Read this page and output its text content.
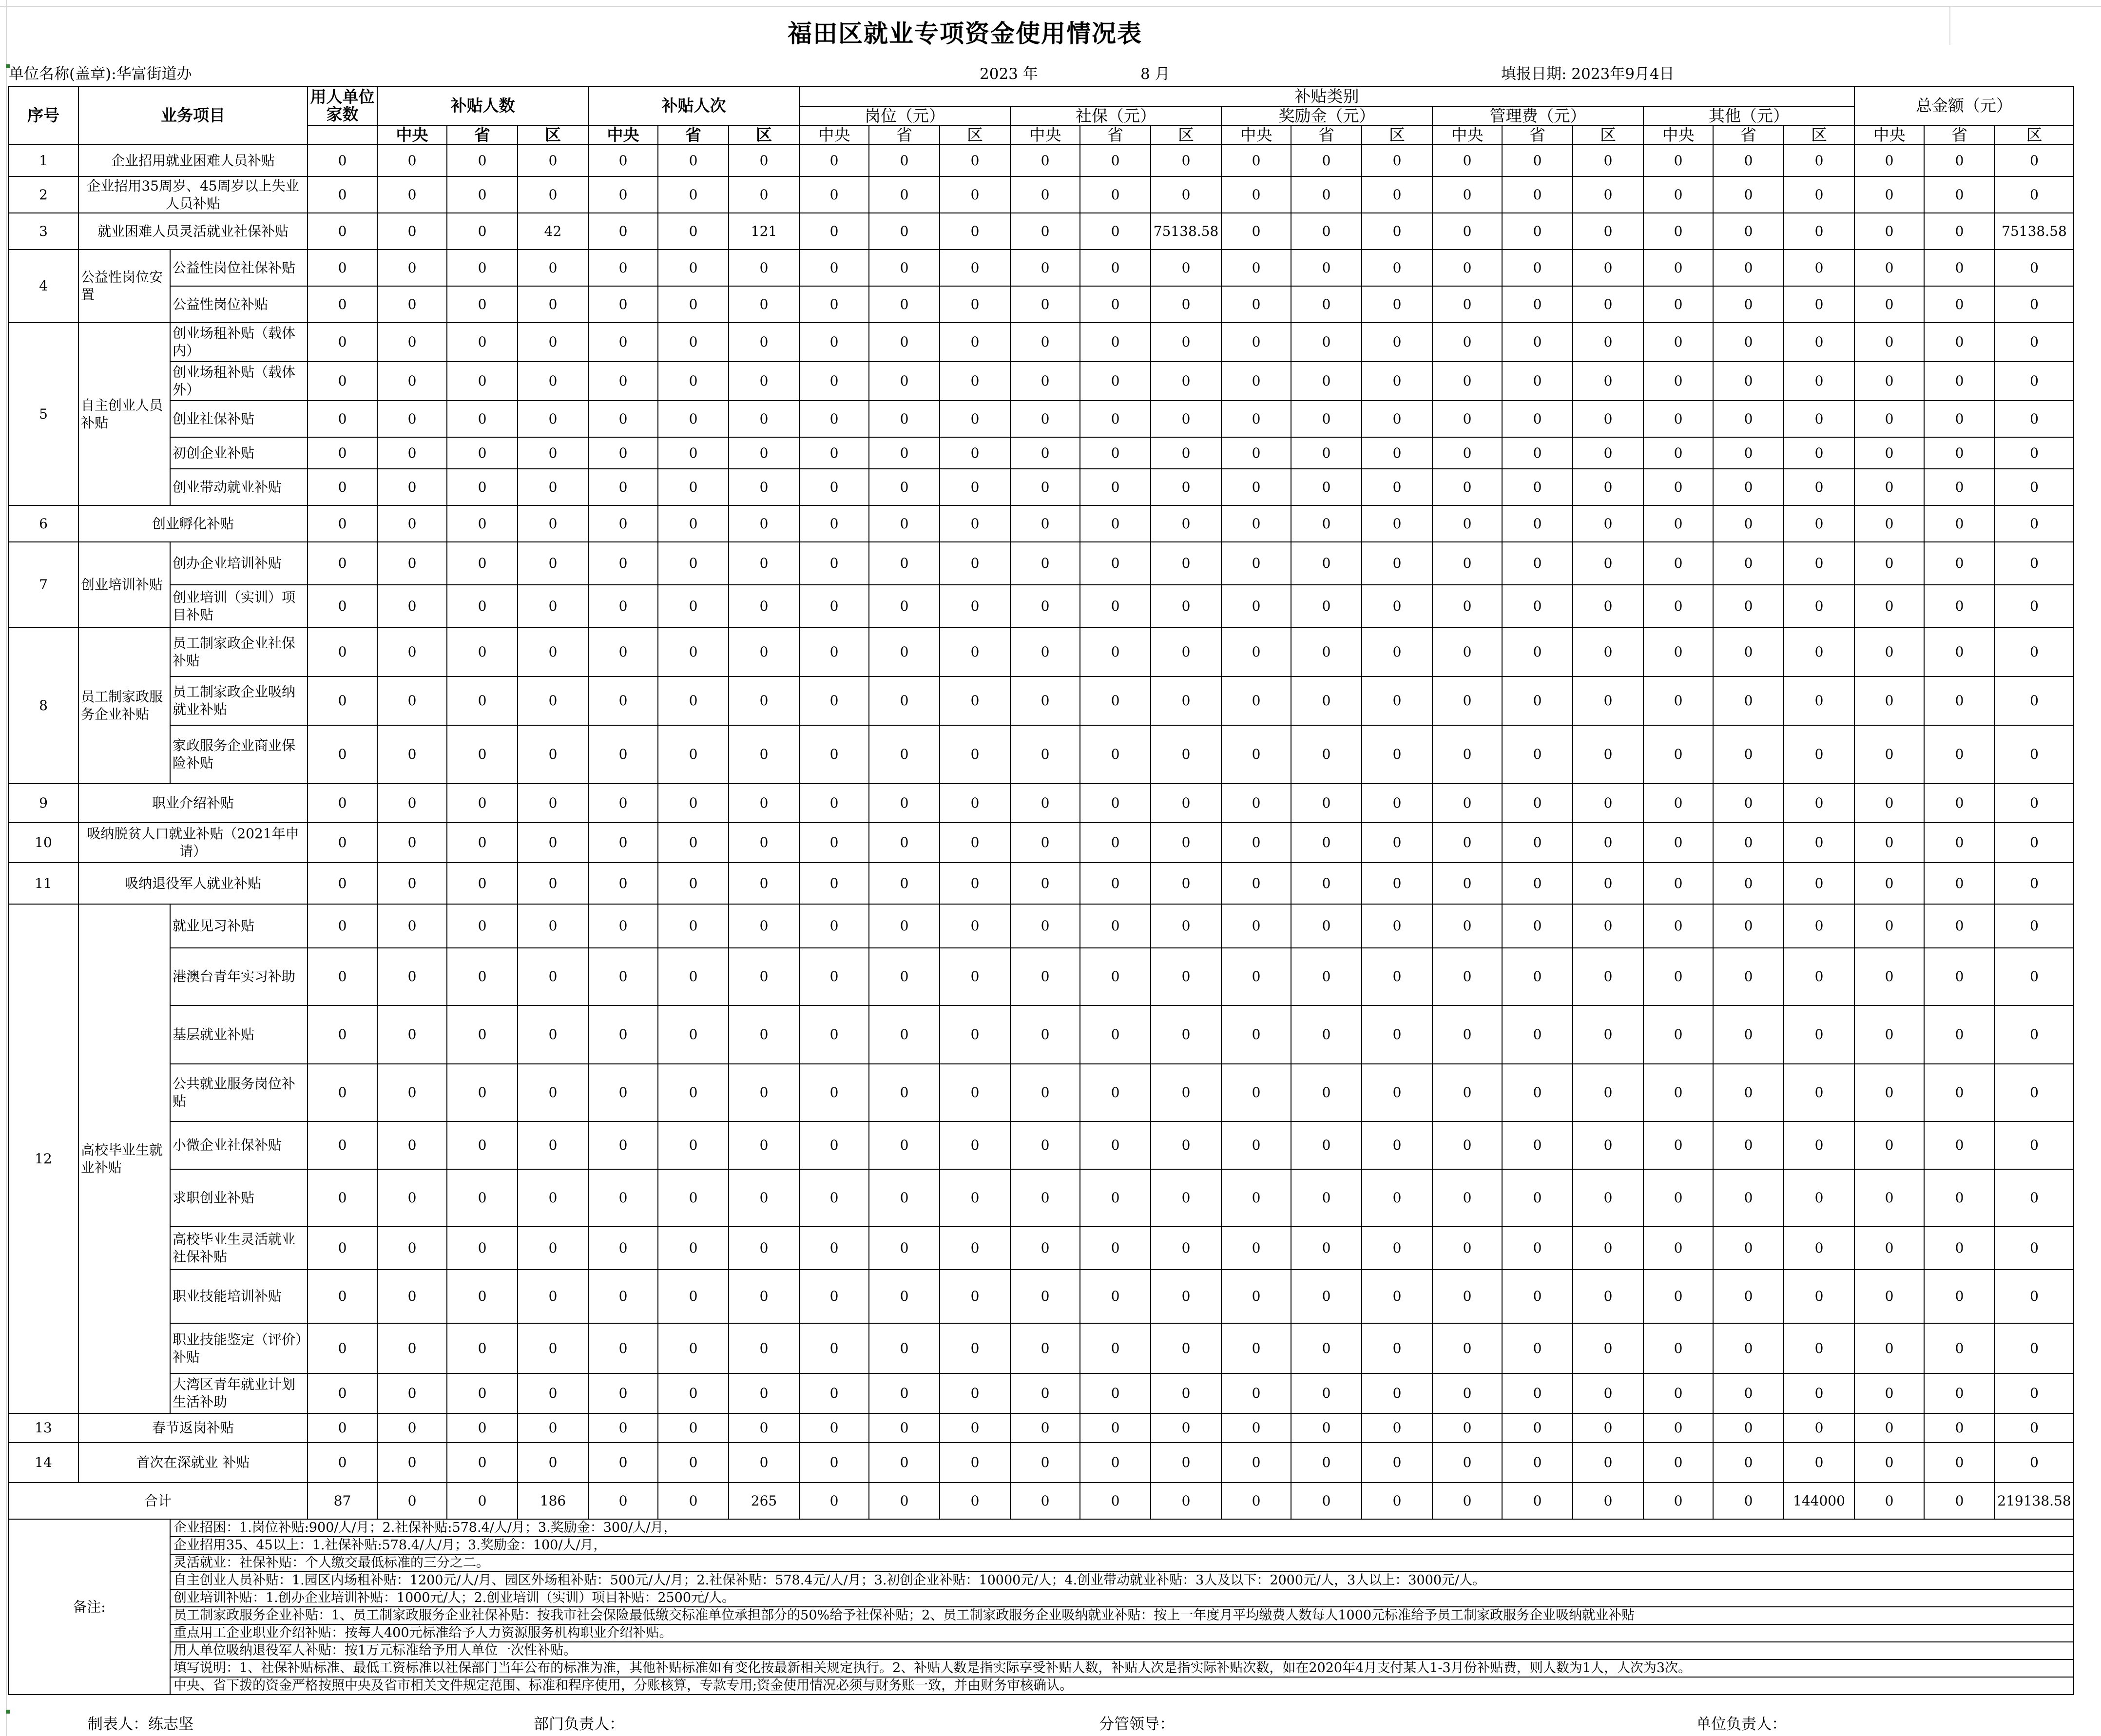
福田区就业专项资金使用情况表
单位名称(盖章):华富街道办	2023 年	8 月	填报日期: 2023年9月4日
序号	业务项目		用人单位家数	补贴人数			补贴人次			补贴类别															总金额（元）		
										岗位（元）			社保（元）			奖励金（元）			管理费（元）			其他（元）					
				中央	省	区	中央	省	区	中央	省	区	中央	省	区	中央	省	区	中央	省	区	中央	省	区	中央	省	区
1	企业招用就业困难人员补贴		0	0	0	0	0	0	0	0	0	0	0	0	0	0	0	0	0	0	0	0	0	0	0	0	0
2	企业招用35周岁、45周岁以上失业人员补贴		0	0	0	0	0	0	0	0	0	0	0	0	0	0	0	0	0	0	0	0	0	0	0	0	0
3	就业困难人员灵活就业社保补贴		0	0	0	42	0	0	121	0	0	0	0	0	75138.58	0	0	0	0	0	0	0	0	0	0	0	75138.58
4	公益性岗位安置	公益性岗位社保补贴	0	0	0	0	0	0	0	0	0	0	0	0	0	0	0	0	0	0	0	0	0	0	0	0	0
		公益性岗位补贴	0	0	0	0	0	0	0	0	0	0	0	0	0	0	0	0	0	0	0	0	0	0	0	0	0
5	自主创业人员补贴	创业场租补贴（载体内）	0	0	0	0	0	0	0	0	0	0	0	0	0	0	0	0	0	0	0	0	0	0	0	0	0
		创业场租补贴（载体外）	0	0	0	0	0	0	0	0	0	0	0	0	0	0	0	0	0	0	0	0	0	0	0	0	0
		创业社保补贴	0	0	0	0	0	0	0	0	0	0	0	0	0	0	0	0	0	0	0	0	0	0	0	0	0
		初创企业补贴	0	0	0	0	0	0	0	0	0	0	0	0	0	0	0	0	0	0	0	0	0	0	0	0	0
		创业带动就业补贴	0	0	0	0	0	0	0	0	0	0	0	0	0	0	0	0	0	0	0	0	0	0	0	0	0
6	创业孵化补贴		0	0	0	0	0	0	0	0	0	0	0	0	0	0	0	0	0	0	0	0	0	0	0	0	0
7	创业培训补贴	创办企业培训补贴	0	0	0	0	0	0	0	0	0	0	0	0	0	0	0	0	0	0	0	0	0	0	0	0	0
		创业培训（实训）项目补贴	0	0	0	0	0	0	0	0	0	0	0	0	0	0	0	0	0	0	0	0	0	0	0	0	0
8	员工制家政服务企业补贴	员工制家政企业社保补贴	0	0	0	0	0	0	0	0	0	0	0	0	0	0	0	0	0	0	0	0	0	0	0	0	0
		员工制家政企业吸纳就业补贴	0	0	0	0	0	0	0	0	0	0	0	0	0	0	0	0	0	0	0	0	0	0	0	0	0
		家政服务企业商业保险补贴	0	0	0	0	0	0	0	0	0	0	0	0	0	0	0	0	0	0	0	0	0	0	0	0	0
9	职业介绍补贴		0	0	0	0	0	0	0	0	0	0	0	0	0	0	0	0	0	0	0	0	0	0	0	0	0
10	吸纳脱贫人口就业补贴（2021年申请）		0	0	0	0	0	0	0	0	0	0	0	0	0	0	0	0	0	0	0	0	0	0	0	0	0
11	吸纳退役军人就业补贴		0	0	0	0	0	0	0	0	0	0	0	0	0	0	0	0	0	0	0	0	0	0	0	0	0
12	高校毕业生就业补贴	就业见习补贴	0	0	0	0	0	0	0	0	0	0	0	0	0	0	0	0	0	0	0	0	0	0	0	0	0
		港澳台青年实习补助	0	0	0	0	0	0	0	0	0	0	0	0	0	0	0	0	0	0	0	0	0	0	0	0	0
		基层就业补贴	0	0	0	0	0	0	0	0	0	0	0	0	0	0	0	0	0	0	0	0	0	0	0	0	0
		公共就业服务岗位补贴	0	0	0	0	0	0	0	0	0	0	0	0	0	0	0	0	0	0	0	0	0	0	0	0	0
		小微企业社保补贴	0	0	0	0	0	0	0	0	0	0	0	0	0	0	0	0	0	0	0	0	0	0	0	0	0
		求职创业补贴	0	0	0	0	0	0	0	0	0	0	0	0	0	0	0	0	0	0	0	0	0	0	0	0	0
		高校毕业生灵活就业社保补贴	0	0	0	0	0	0	0	0	0	0	0	0	0	0	0	0	0	0	0	0	0	0	0	0	0
		职业技能培训补贴	0	0	0	0	0	0	0	0	0	0	0	0	0	0	0	0	0	0	0	0	0	0	0	0	0
		职业技能鉴定（评价）补贴	0	0	0	0	0	0	0	0	0	0	0	0	0	0	0	0	0	0	0	0	0	0	0	0	0
		大湾区青年就业计划生活补助	0	0	0	0	0	0	0	0	0	0	0	0	0	0	0	0	0	0	0	0	0	0	0	0	0
13	春节返岗补贴		0	0	0	0	0	0	0	0	0	0	0	0	0	0	0	0	0	0	0	0	0	0	0	0	0
14	首次在深就业 补贴		0	0	0	0	0	0	0	0	0	0	0	0	0	0	0	0	0	0	0	0	0	0	0	0	0
合计			87	0	0	186	0	0	265	0	0	0	0	0	0	0	0	0	0	0	0	0	0	144000	0	0	219138.58
备注:		企业招困：1.岗位补贴:900/人/月；2.社保补贴:578.4/人/月；3.奖励金：300/人/月，																									
		企业招用35、45以上：1.社保补贴:578.4/人/月；3.奖励金：100/人/月，																									
		灵活就业：社保补贴：个人缴交最低标准的三分之二。																									
		自主创业人员补贴：1.园区内场租补贴：1200元/人/月、园区外场租补贴：500元/人/月；2.社保补贴：578.4元/人/月；3.初创企业补贴：10000元/人；4.创业带动就业补贴：3人及以下：2000元/人，3人以上：3000元/人。																									
		创业培训补贴：1.创办企业培训补贴：1000元/人；2.创业培训（实训）项目补贴：2500元/人。																									
		员工制家政服务企业补贴：1、员工制家政服务企业社保补贴：按我市社会保险最低缴交标准单位承担部分的50%给予社保补贴；2、员工制家政服务企业吸纳就业补贴：按上一年度月平均缴费人数每人1000元标准给予员工制家政服务企业吸纳就业补贴																									
		重点用工企业职业介绍补贴：按每人400元标准给予人力资源服务机构职业介绍补贴。																									
		用人单位吸纳退役军人补贴：按1万元标准给予用人单位一次性补贴。																									
		填写说明：1、社保补贴标准、最低工资标准以社保部门当年公布的标准为准，其他补贴标准如有变化按最新相关规定执行。2、补贴人数是指实际享受补贴人数，补贴人次是指实际补贴次数，如在2020年4月支付某人1-3月份补贴费，则人数为1人，人次为3次。																									
		中央、省下拨的资金严格按照中央及省市相关文件规定范围、标准和程序使用，分账核算，专款专用;资金使用情况必须与财务账一致，并由财务审核确认。																									
制表人：练志坚	部门负责人：	分管领导：	单位负责人：
